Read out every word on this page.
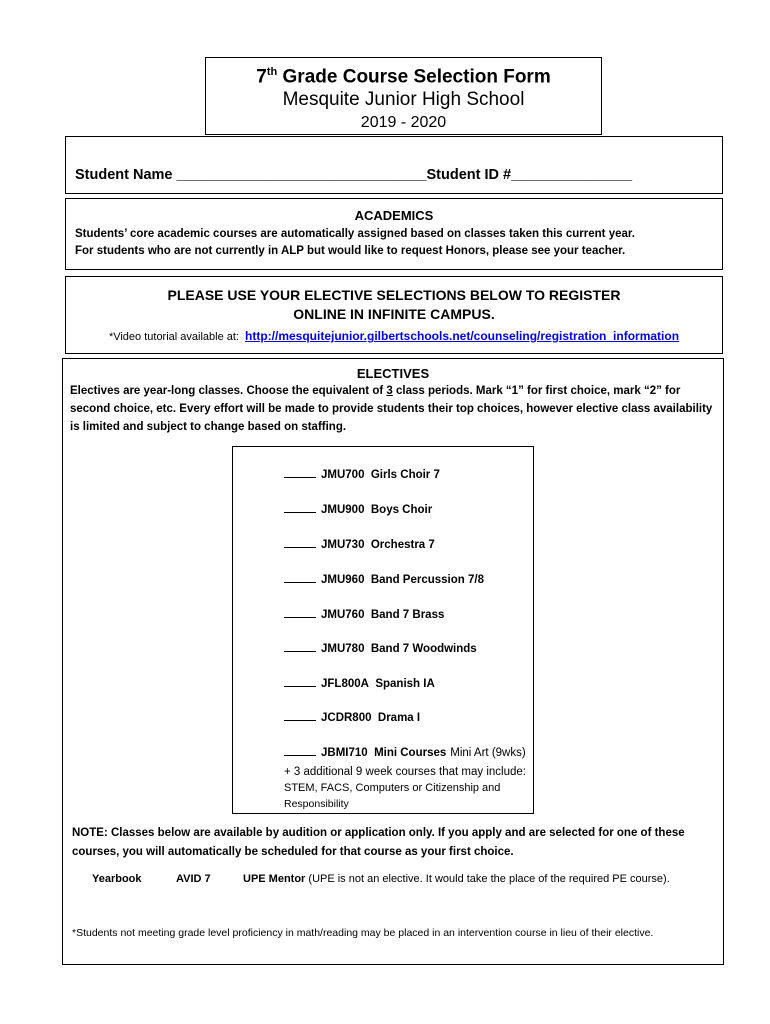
7th Grade Course Selection Form
Mesquite Junior High School
2019 - 2020
Student Name _______________________________Student ID #_______________
ACADEMICS
Students’ core academic courses are automatically assigned based on classes taken this current year.
For students who are not currently in ALP but would like to request Honors, please see your teacher.
PLEASE USE YOUR ELECTIVE SELECTIONS BELOW TO REGISTER
ONLINE IN INFINITE CAMPUS.
*Video tutorial available at: http://mesquitejunior.gilbertschools.net/counseling/registration_information
ELECTIVES
Electives are year-long classes. Choose the equivalent of 3 class periods. Mark “1” for first choice, mark “2” for second choice, etc. Every effort will be made to provide students their top choices, however elective class availability is limited and subject to change based on staffing.
JMU700 Girls Choir 7
JMU900 Boys Choir
JMU730 Orchestra 7
JMU960 Band Percussion 7/8
JMU760 Band 7 Brass
JMU780 Band 7 Woodwinds
JFL800A Spanish IA
JCDR800 Drama I
JBMI710 Mini Courses Mini Art (9wks)
+ 3 additional 9 week courses that may include:
STEM, FACS, Computers or Citizenship and
Responsibility
NOTE: Classes below are available by audition or application only. If you apply and are selected for one of these courses, you will automatically be scheduled for that course as your first choice.
Yearbook	AVID 7	UPE Mentor (UPE is not an elective. It would take the place of the required PE course).
*Students not meeting grade level proficiency in math/reading may be placed in an intervention course in lieu of their elective.
